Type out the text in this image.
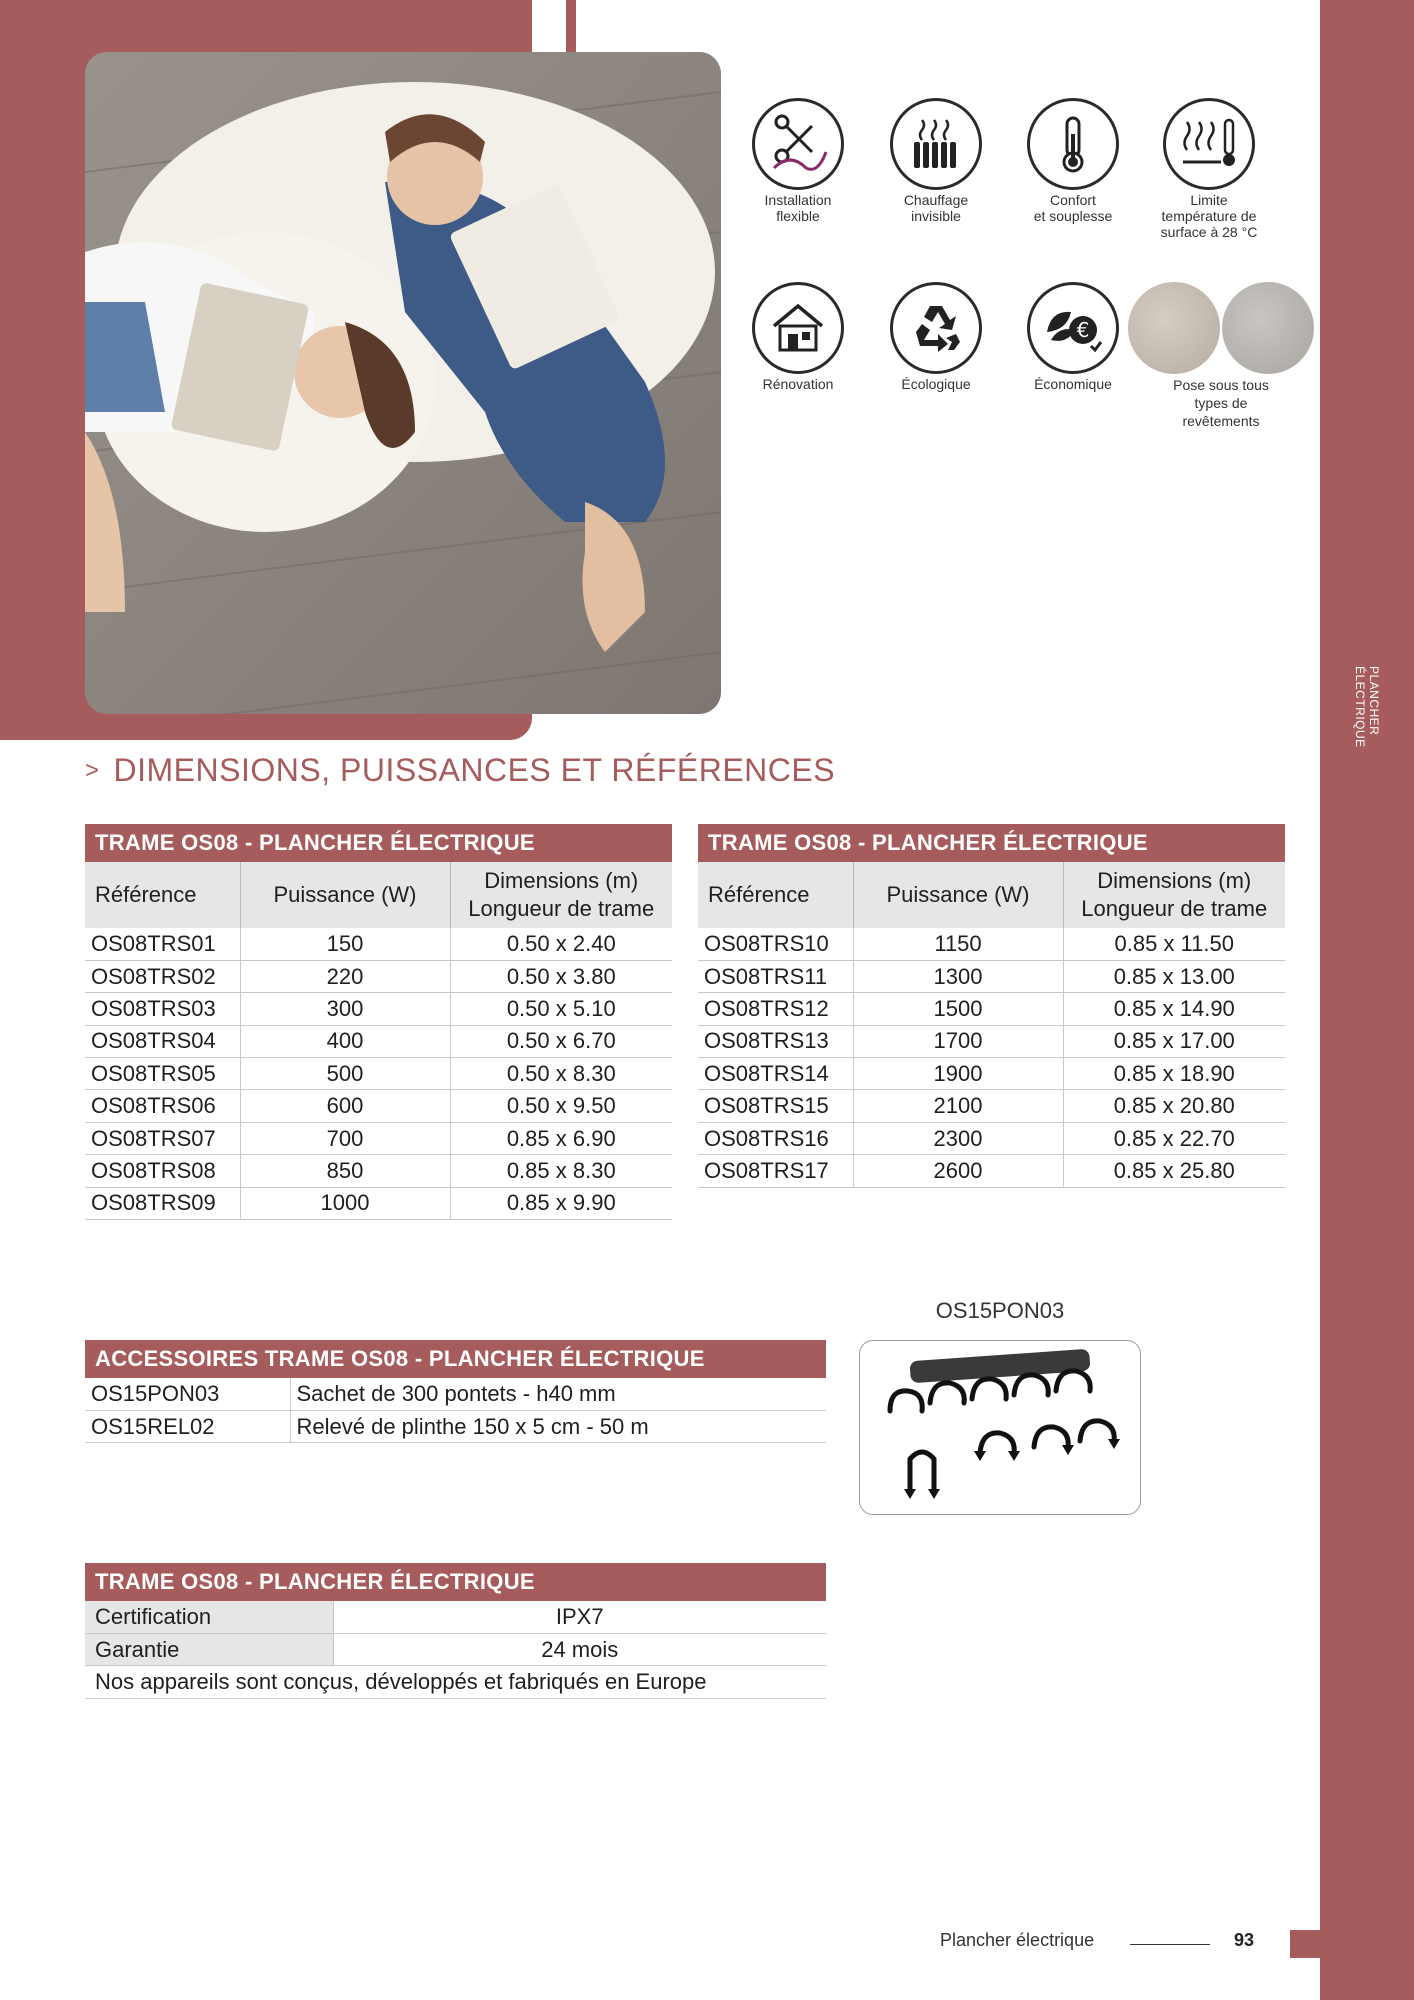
PLANCHER
ÉLECTRIQUE
Installation
flexible
Chauffage
invisible
Confort
et souplesse
Limite
température de
surface à 28 °C
Rénovation	Écologique
€
Économique	Pose sous tous
types de
revêtements
> DIMENSIONS, PUISSANCES ET RÉFÉRENCES
TRAME OS08 - PLANCHER ÉLECTRIQUE		
Référence	Puissance (W)	Dimensions (m)
Longueur de trame

OS08TRS01	150	0.50 x 2.40
OS08TRS02	220	0.50 x 3.80
OS08TRS03	300	0.50 x 5.10
OS08TRS04	400	0.50 x 6.70
OS08TRS05	500	0.50 x 8.30
OS08TRS06	600	0.50 x 9.50
OS08TRS07	700	0.85 x 6.90
OS08TRS08	850	0.85 x 8.30
OS08TRS09	1000	0.85 x 9.90
TRAME OS08 - PLANCHER ÉLECTRIQUE		
Référence	Puissance (W)	Dimensions (m)
Longueur de trame

OS08TRS10	1150	0.85 x 11.50
OS08TRS11	1300	0.85 x 13.00
OS08TRS12	1500	0.85 x 14.90
OS08TRS13	1700	0.85 x 17.00
OS08TRS14	1900	0.85 x 18.90
OS08TRS15	2100	0.85 x 20.80
OS08TRS16	2300	0.85 x 22.70
OS08TRS17	2600	0.85 x 25.80
ACCESSOIRES TRAME OS08 - PLANCHER ÉLECTRIQUE	
OS15PON03	Sachet de 300 pontets - h40 mm
OS15REL02	Relevé de plinthe 150 x 5 cm - 50 m
OS15PON03
TRAME OS08 - PLANCHER ÉLECTRIQUE	
Certification	IPX7
Garantie	24 mois
Nos appareils sont conçus, développés et fabriqués en Europe	
Plancher électrique	93
